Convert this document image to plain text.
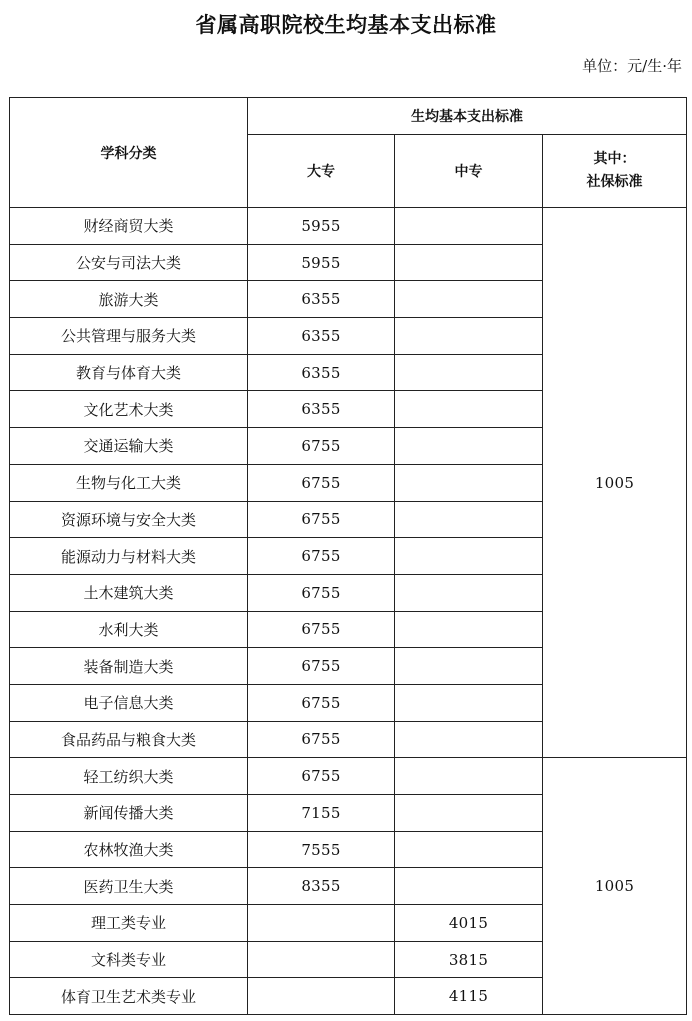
省属高职院校生均基本支出标准
单位：元/生·年
学科分类	生均基本支出标准		
	大专	中专	其中：
社保标准

财经商贸大类	5955		1005
公安与司法大类	5955		
旅游大类	6355		
公共管理与服务大类	6355		
教育与体育大类	6355		
文化艺术大类	6355		
交通运输大类	6755		
生物与化工大类	6755		
资源环境与安全大类	6755		
能源动力与材料大类	6755		
土木建筑大类	6755		
水利大类	6755		
装备制造大类	6755		
电子信息大类	6755		
食品药品与粮食大类	6755		
轻工纺织大类	6755		1005
新闻传播大类	7155		
农林牧渔大类	7555		
医药卫生大类	8355		
理工类专业		4015	
文科类专业		3815	
体育卫生艺术类专业		4115	
